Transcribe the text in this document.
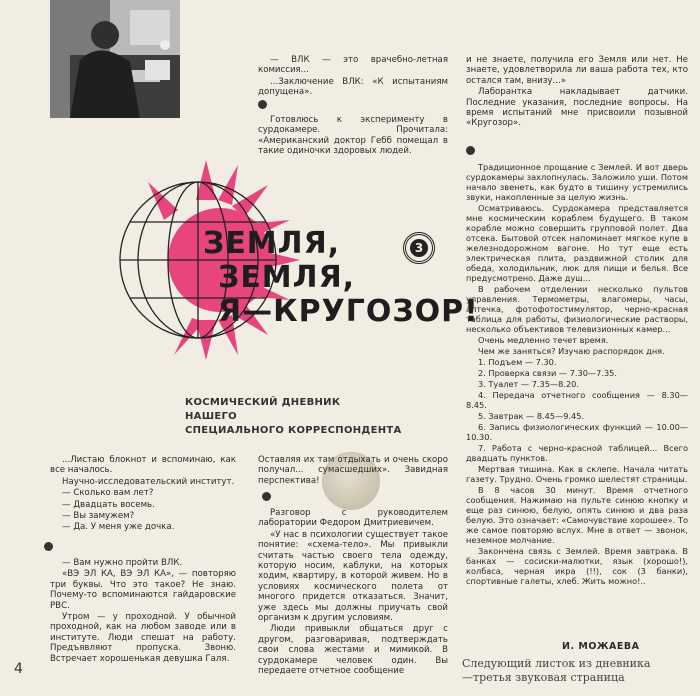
ЗЕМЛЯ,
ЗЕМЛЯ,
Я—КРУГОЗОР!
3
КОСМИЧЕСКИЙ ДНЕВНИК
НАШЕГО
СПЕЦИАЛЬНОГО КОРРЕСПОНДЕНТА

— ВЛК — это врачебно-летная комиссия...

...Заключение ВЛК: «К испытаниям допущена».

Готовлюсь к эксперименту в сурдокамере. Прочитала: «Американский доктор Гебб помещал в такие одиночки здоровых людей.

и не знаете, получила его Земля или нет. Не знаете, удовлетворила ли ваша работа тех, кто остался там, внизу...»

Лаборантка накладывает датчики. Последние указания, последние вопросы. На время испытаний мне присвоили позывной «Кругозор».

Традиционное прощание с Землей. И вот дверь сурдокамеры захлопнулась. Заложило уши. Потом начало звенеть, как будто в тишину устремились звуки, накопленные за целую жизнь.

Осматриваюсь. Сурдокамера представляется мне космическим кораблем будущего. В таком корабле можно совершить групповой полет. Два отсека. Бытовой отсек напоминает мягкое купе в железнодорожном вагоне. Но тут еще есть электрическая плита, раздвижной столик для обеда, холодильник, люк для пищи и белья. Все предусмотрено. Даже душ...

В рабочем отделении несколько пультов управления. Термометры, влагомеры, часы, аптечка, фотофотостимулятор, черно-красная таблица для работы, физиологические растворы, несколько объективов телевизионных камер...

Очень медленно течет время.

Чем же заняться? Изучаю распорядок дня.

1. Подъем — 7.30.

2. Проверка связи — 7.30—7.35.

3. Туалет — 7.35—8.20.

4. Передача отчетного сообщения — 8.30—8.45.

5. Завтрак — 8.45—9.45.

6. Запись физиологических функций — 10.00—10.30.

7. Работа с черно-красной таблицей... Всего двадцать пунктов.

Мертвая тишина. Как в склепе. Начала читать газету. Трудно. Очень громко шелестят страницы.

В 8 часов 30 минут. Время отчетного сообщения. Нажимаю на пульте синюю кнопку и еще раз синюю, белую, опять синюю и два раза белую. Это означает: «Самочувствие хорошее». То же самое повторяю вслух. Мне в ответ — звонок, неземное молчание.

Закончена связь с Землей. Время завтрака. В банках — сосиски-малютки, язык (хорошо!), колбаса, черная икра (!!), сок (3 банки), спортивные галеты, хлеб. Жить можно!..

...Листаю блокнот и вспоминаю, как все началось.

Научно-исследовательский институт.

— Сколько вам лет?

— Двадцать восемь.

— Вы замужем?

— Да. У меня уже дочка.

— Вам нужно пройти ВЛК.

«ВЭ ЭЛ КА, ВЭ ЭЛ КА», — повторяю три буквы. Что это такое? Не знаю. Почему-то вспоминаются гайдаровские РВС.

Утром — у проходной. У обычной проходной, как на любом заводе или в институте. Люди спешат на работу. Предъявляют пропуска. Звоню. Встречает хорошенькая девушка Галя.

Оставляя их там отдыхать и очень скоро получал... сумасшедших». Завидная перспектива!

Разговор с руководителем лаборатории Федором Дмитриевичем.

«У нас в психологии существует такое понятие: «схема-тело». Мы привыкли считать частью своего тела одежду, которую носим, каблуки, на которых ходим, квартиру, в которой живем. Но в условиях космического полета от многого придется отказаться. Значит, уже здесь мы должны приучать свой организм к другим условиям.

Люди привыкли общаться друг с другом, разговаривая, подтверждать свои слова жестами и мимикой. В сурдокамере человек один. Вы передаете отчетное сообщение

И. МОЖАЕВА
Следующий листок из дневника
—третья звуковая страница
4
